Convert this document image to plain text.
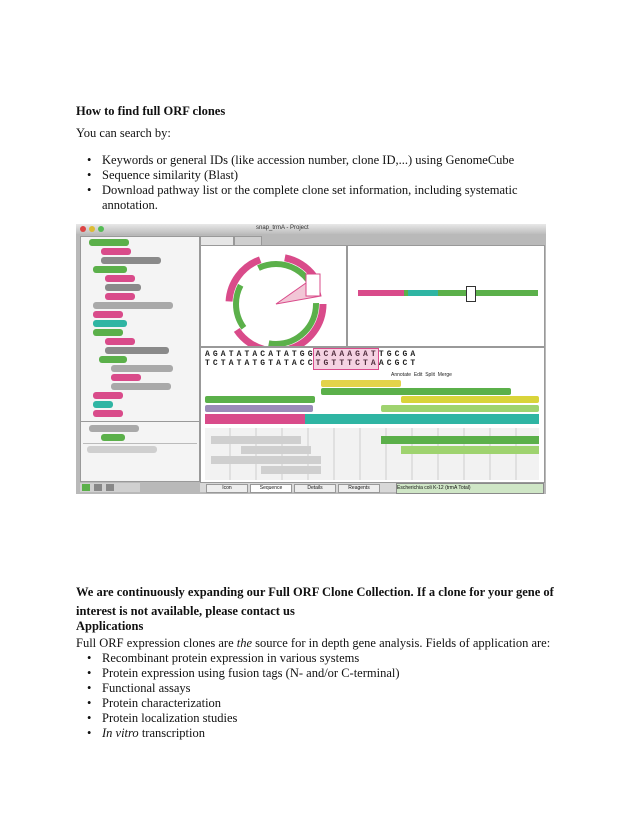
How to find full ORF clones
You can search by:
• Keywords or general IDs (like accession number, clone ID,...) using GenomeCube
• Sequence similarity (Blast)
• Download pathway list or the complete clone set information, including systematic
annotation.
snap_trmA - Project
AGATATACATATGGACAAAGATTGCGA
TCTATATGTATACCTGTTTCTAACGCT
Annotate Edit Split Merge
Icon	Sequence	Details	Reagents	Escherichia coli K-12 (trmA Total)
We are continuously expanding our Full ORF Clone Collection. If a clone for your gene of
interest is not available, please contact us
Applications
Full ORF expression clones are the source for in depth gene analysis. Fields of application are:
• Recombinant protein expression in various systems
• Protein expression using fusion tags (N- and/or C-terminal)
• Functional assays
• Protein characterization
• Protein localization studies
• In vitro transcription
